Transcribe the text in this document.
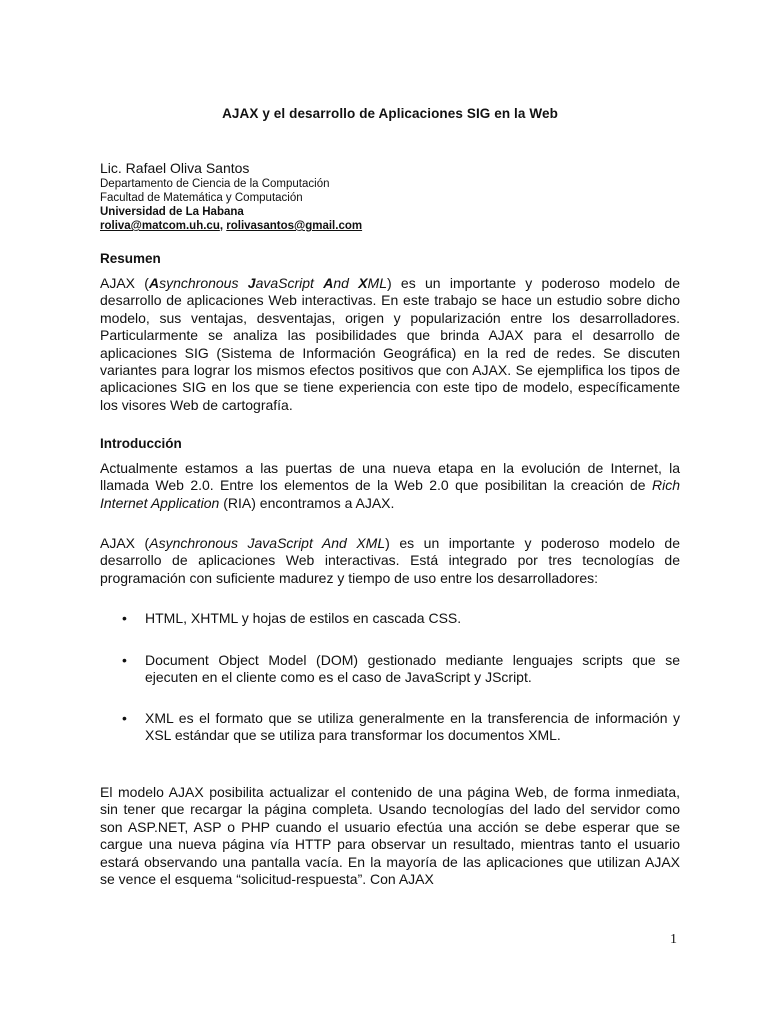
AJAX y el desarrollo de Aplicaciones SIG en la Web
Lic. Rafael Oliva Santos
Departamento de Ciencia de la Computación
Facultad de Matemática y Computación
Universidad de La Habana
roliva@matcom.uh.cu, rolivasantos@gmail.com
Resumen

AJAX (Asynchronous JavaScript And XML) es un importante y poderoso modelo de desarrollo de aplicaciones Web interactivas. En este trabajo se hace un estudio sobre dicho modelo, sus ventajas, desventajas, origen y popularización entre los desarrolladores. Particularmente se analiza las posibilidades que brinda AJAX para el desarrollo de aplicaciones SIG (Sistema de Información Geográfica) en la red de redes. Se discuten variantes para lograr los mismos efectos positivos que con AJAX. Se ejemplifica los tipos de aplicaciones SIG en los que se tiene experiencia con este tipo de modelo, específicamente los visores Web de cartografía.

Introducción

Actualmente estamos a las puertas de una nueva etapa en la evolución de Internet, la llamada Web 2.0. Entre los elementos de la Web 2.0 que posibilitan la creación de Rich Internet Application (RIA) encontramos a AJAX.

AJAX (Asynchronous JavaScript And XML) es un importante y poderoso modelo de desarrollo de aplicaciones Web interactivas. Está integrado por tres tecnologías de programación con suficiente madurez y tiempo de uso entre los desarrolladores:

• HTML, XHTML y hojas de estilos en cascada CSS.
• Document Object Model (DOM) gestionado mediante lenguajes scripts que se ejecuten en el cliente como es el caso de JavaScript y JScript.
• XML es el formato que se utiliza generalmente en la transferencia de información y XSL estándar que se utiliza para transformar los documentos XML.

El modelo AJAX posibilita actualizar el contenido de una página Web, de forma inmediata, sin tener que recargar la página completa. Usando tecnologías del lado del servidor como son ASP.NET, ASP o PHP cuando el usuario efectúa una acción se debe esperar que se cargue una nueva página vía HTTP para observar un resultado, mientras tanto el usuario estará observando una pantalla vacía. En la mayoría de las aplicaciones que utilizan AJAX se vence el esquema “solicitud-respuesta”. Con AJAX

1
